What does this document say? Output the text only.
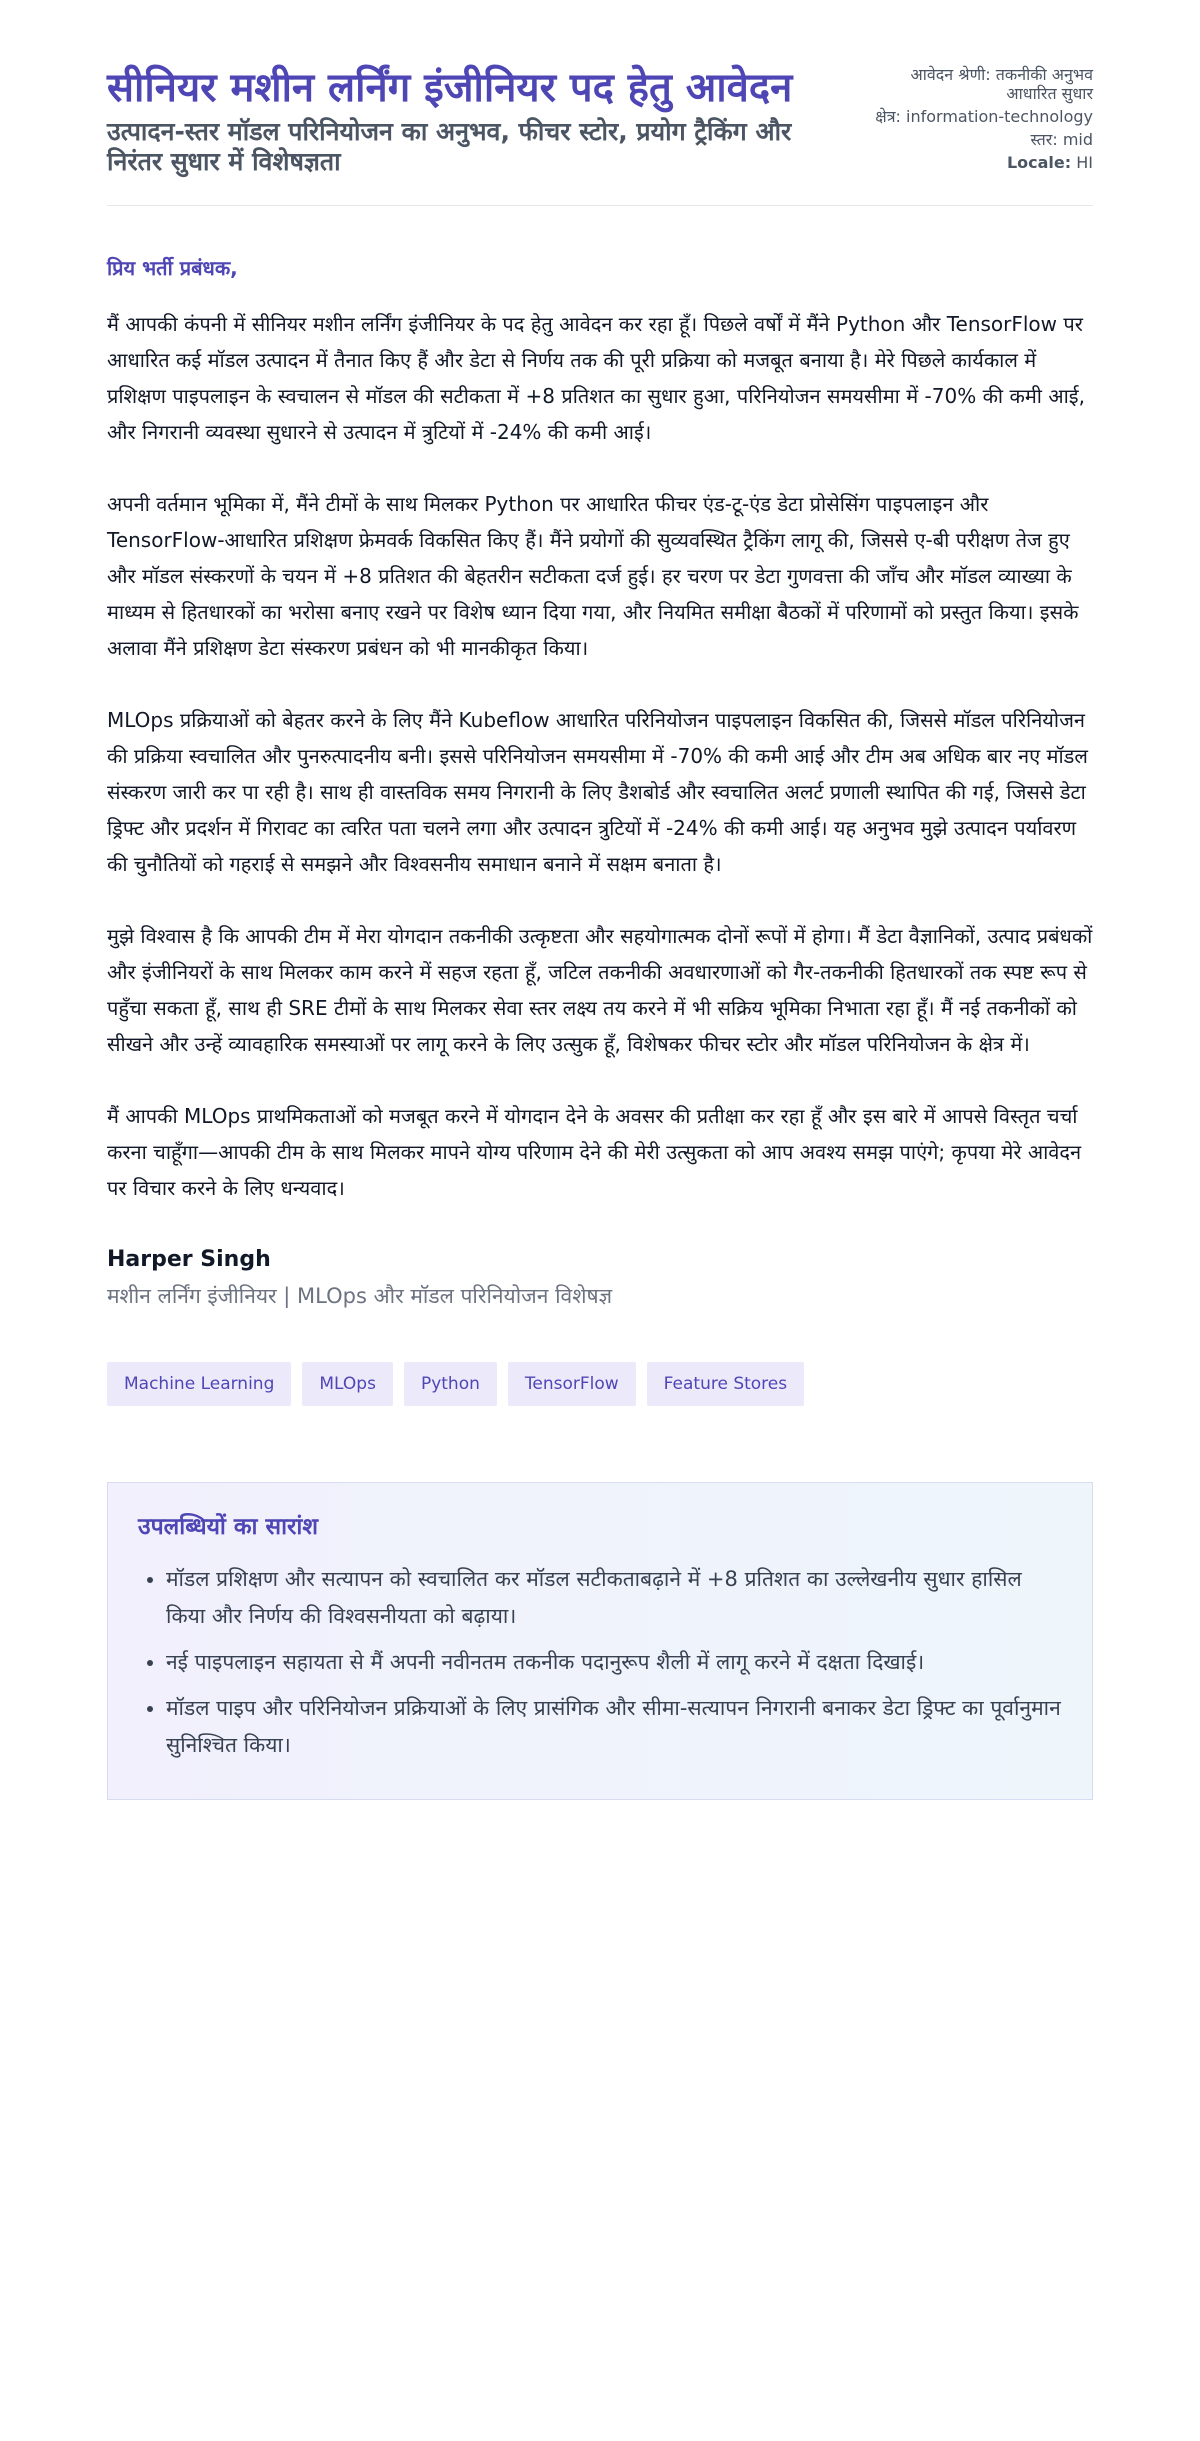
सीनियर मशीन लर्निंग इंजीनियर पद हेतु आवेदन
उत्पादन-स्तर मॉडल परिनियोजन का अनुभव, फीचर स्टोर, प्रयोग ट्रैकिंग और निरंतर सुधार में विशेषज्ञता
आवेदन श्रेणी: तकनीकी अनुभव आधारित सुधार
क्षेत्र: information-technology
स्तर: mid
Locale: HI

प्रिय भर्ती प्रबंधक,

मैं आपकी कंपनी में सीनियर मशीन लर्निंग इंजीनियर के पद हेतु आवेदन कर रहा हूँ। पिछले वर्षों में मैंने Python और TensorFlow पर आधारित कई मॉडल उत्पादन में तैनात किए हैं और डेटा से निर्णय तक की पूरी प्रक्रिया को मजबूत बनाया है। मेरे पिछले कार्यकाल में प्रशिक्षण पाइपलाइन के स्वचालन से मॉडल की सटीकता में +8 प्रतिशत का सुधार हुआ, परिनियोजन समयसीमा में -70% की कमी आई, और निगरानी व्यवस्था सुधारने से उत्पादन में त्रुटियों में -24% की कमी आई।

अपनी वर्तमान भूमिका में, मैंने टीमों के साथ मिलकर Python पर आधारित फीचर एंड-टू-एंड डेटा प्रोसेसिंग पाइपलाइन और TensorFlow-आधारित प्रशिक्षण फ्रेमवर्क विकसित किए हैं। मैंने प्रयोगों की सुव्यवस्थित ट्रैकिंग लागू की, जिससे ए-बी परीक्षण तेज हुए और मॉडल संस्करणों के चयन में +8 प्रतिशत की बेहतरीन सटीकता दर्ज हुई। हर चरण पर डेटा गुणवत्ता की जाँच और मॉडल व्याख्या के माध्यम से हितधारकों का भरोसा बनाए रखने पर विशेष ध्यान दिया गया, और नियमित समीक्षा बैठकों में परिणामों को प्रस्तुत किया। इसके अलावा मैंने प्रशिक्षण डेटा संस्करण प्रबंधन को भी मानकीकृत किया।

MLOps प्रक्रियाओं को बेहतर करने के लिए मैंने Kubeflow आधारित परिनियोजन पाइपलाइन विकसित की, जिससे मॉडल परिनियोजन की प्रक्रिया स्वचालित और पुनरुत्पादनीय बनी। इससे परिनियोजन समयसीमा में -70% की कमी आई और टीम अब अधिक बार नए मॉडल संस्करण जारी कर पा रही है। साथ ही वास्तविक समय निगरानी के लिए डैशबोर्ड और स्वचालित अलर्ट प्रणाली स्थापित की गई, जिससे डेटा ड्रिफ्ट और प्रदर्शन में गिरावट का त्वरित पता चलने लगा और उत्पादन त्रुटियों में -24% की कमी आई। यह अनुभव मुझे उत्पादन पर्यावरण की चुनौतियों को गहराई से समझने और विश्वसनीय समाधान बनाने में सक्षम बनाता है।

मुझे विश्वास है कि आपकी टीम में मेरा योगदान तकनीकी उत्कृष्टता और सहयोगात्मक दोनों रूपों में होगा। मैं डेटा वैज्ञानिकों, उत्पाद प्रबंधकों और इंजीनियरों के साथ मिलकर काम करने में सहज रहता हूँ, जटिल तकनीकी अवधारणाओं को गैर-तकनीकी हितधारकों तक स्पष्ट रूप से पहुँचा सकता हूँ, साथ ही SRE टीमों के साथ मिलकर सेवा स्तर लक्ष्य तय करने में भी सक्रिय भूमिका निभाता रहा हूँ। मैं नई तकनीकों को सीखने और उन्हें व्यावहारिक समस्याओं पर लागू करने के लिए उत्सुक हूँ, विशेषकर फीचर स्टोर और मॉडल परिनियोजन के क्षेत्र में।

मैं आपकी MLOps प्राथमिकताओं को मजबूत करने में योगदान देने के अवसर की प्रतीक्षा कर रहा हूँ और इस बारे में आपसे विस्तृत चर्चा करना चाहूँगा—आपकी टीम के साथ मिलकर मापने योग्य परिणाम देने की मेरी उत्सुकता को आप अवश्य समझ पाएंगे; कृपया मेरे आवेदन पर विचार करने के लिए धन्यवाद।

Harper Singh
मशीन लर्निंग इंजीनियर | MLOps और मॉडल परिनियोजन विशेषज्ञ
Machine Learning	MLOps	Python	TensorFlow	Feature Stores
उपलब्धियों का सारांश
• मॉडल प्रशिक्षण और सत्यापन को स्वचालित कर मॉडल सटीकताबढ़ाने में +8 प्रतिशत का उल्लेखनीय सुधार हासिल किया और निर्णय की विश्वसनीयता को बढ़ाया।
• नई पाइपलाइन सहायता से मैं अपनी नवीनतम तकनीक पदानुरूप शैली में लागू करने में दक्षता दिखाई।
• मॉडल पाइप और परिनियोजन प्रक्रियाओं के लिए प्रासंगिक और सीमा-सत्यापन निगरानी बनाकर डेटा ड्रिफ्ट का पूर्वानुमान सुनिश्चित किया।
